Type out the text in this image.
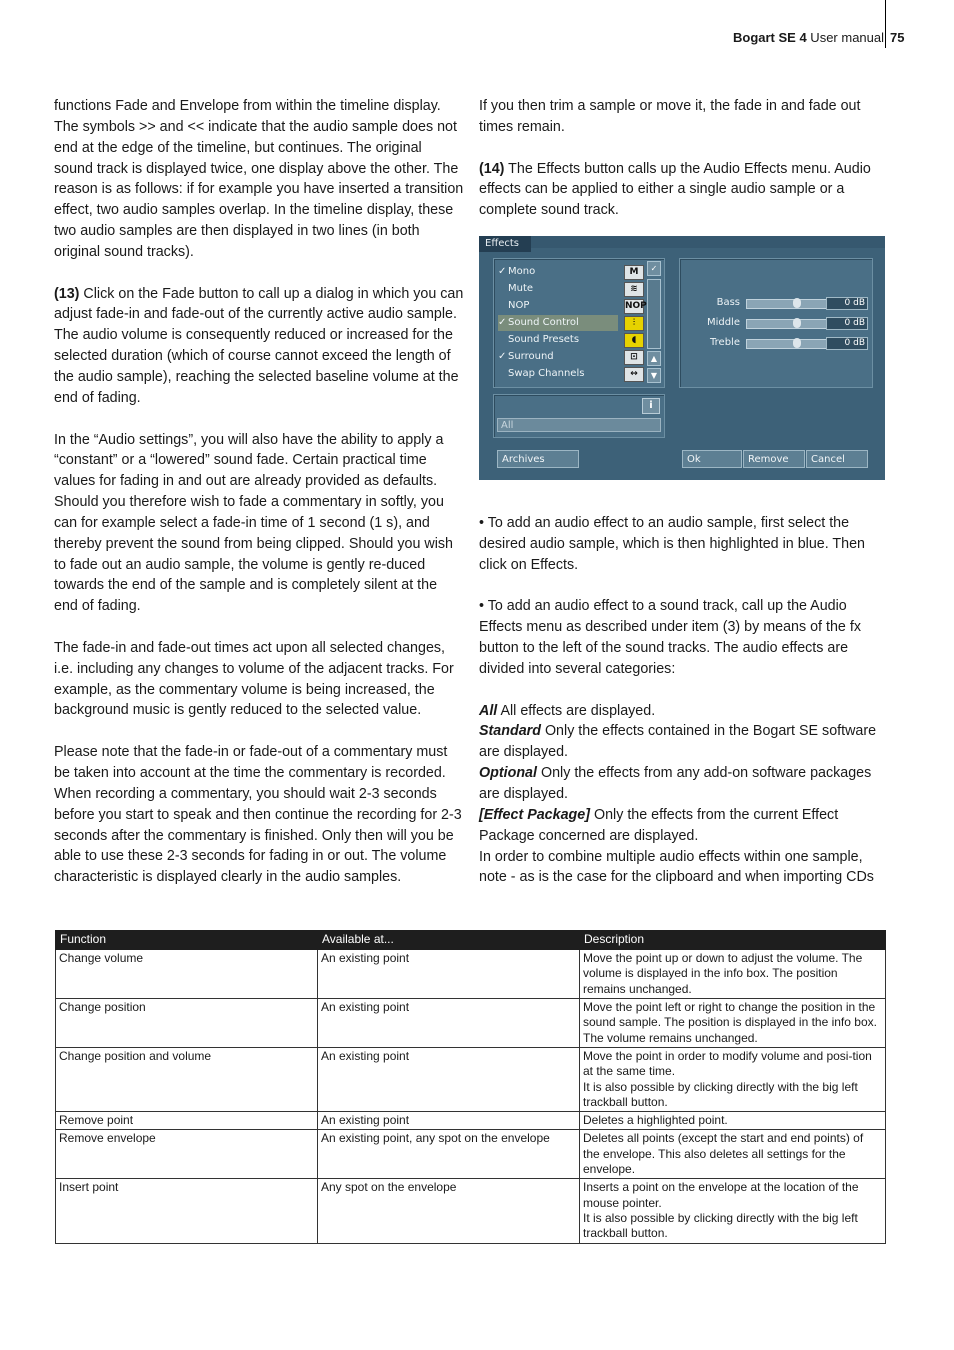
Bogart SE 4 User manual 75

functions Fade and Envelope from within the timeline display. The symbols >> and << indicate that the audio sample does not end at the edge of the timeline, but continues. The original sound track is displayed twice, one display above the other. The reason is as follows: if for example you have inserted a transition effect, two audio samples overlap. In the timeline display, these two audio samples are then displayed in two lines (in both original sound tracks).

(13) Click on the Fade button to call up a dialog in which you can adjust fade-in and fade-out of the currently active audio sample. The audio volume is consequently reduced or increased for the selected duration (which of course cannot exceed the length of the audio sample), reaching the selected baseline volume at the end of fading.

In the “Audio settings”, you will also have the ability to apply a “constant” or a “lowered” sound fade. Certain practical time values for fading in and out are already provided as defaults. Should you therefore wish to fade a commentary in softly, you can for example select a fade-in time of 1 second (1 s), and thereby prevent the sound from being clipped. Should you wish to fade out an audio sample, the volume is gently re-duced towards the end of the sample and is completely silent at the end of fading.

The fade-in and fade-out times act upon all selected changes, i.e. including any changes to volume of the adjacent tracks. For example, as the commentary volume is being increased, the background music is gently reduced to the selected value.

Please note that the fade-in or fade-out of a commentary must be taken into account at the time the commentary is recorded. When recording a commentary, you should wait 2-3 seconds before you start to speak and then continue the recording for 2-3 seconds after the commentary is finished. Only then will you be able to use these 2-3 seconds for fading in or out. The volume characteristic is displayed clearly in the audio samples.

If you then trim a sample or move it, the fade in and fade out times remain.

(14) The Effects button calls up the Audio Effects menu. Audio effects can be applied to either a single audio sample or a complete sound track.

Effects
✓ Mono	M
Mute	≋
NOP	NOP
✓ Sound Control	⫶
Sound Presets	◖
✓ Surround	⊡
Swap Channels	↔
✓
▲
▼
Bass	0 dB
Middle	0 dB
Treble	0 dB
i
All
Archives	Ok	Remove	Cancel

• To add an audio effect to an audio sample, first select the desired audio sample, which is then highlighted in blue. Then click on Effects.

• To add an audio effect to a sound track, call up the Audio Effects menu as described under item (3) by means of the fx button to the left of the sound tracks. The audio effects are divided into several categories:

All All effects are displayed.

Standard Only the effects contained in the Bogart SE software are displayed.

Optional Only the effects from any add-on software packages are displayed.

[Effect Package] Only the effects from the current Effect Package concerned are displayed.

In order to combine multiple audio effects within one sample, note - as is the case for the clipboard and when importing CDs

Function	Available at...	Description
Change volume	An existing point	Move the point up or down to adjust the volume. The volume is displayed in the info box. The position remains unchanged.
Change position	An existing point	Move the point left or right to change the position in the sound sample. The position is displayed in the info box. The volume remains unchanged.
Change position and volume	An existing point	Move the point in order to modify volume and posi-tion at the same time.
It is also possible by clicking directly with the big left trackball button.
Remove point	An existing point	Deletes a highlighted point.
Remove envelope	An existing point, any spot on the envelope	Deletes all points (except the start and end points) of the envelope. This also deletes all settings for the envelope.
Insert point	Any spot on the envelope	Inserts a point on the envelope at the location of the mouse pointer.
It is also possible by clicking directly with the big left trackball button.
